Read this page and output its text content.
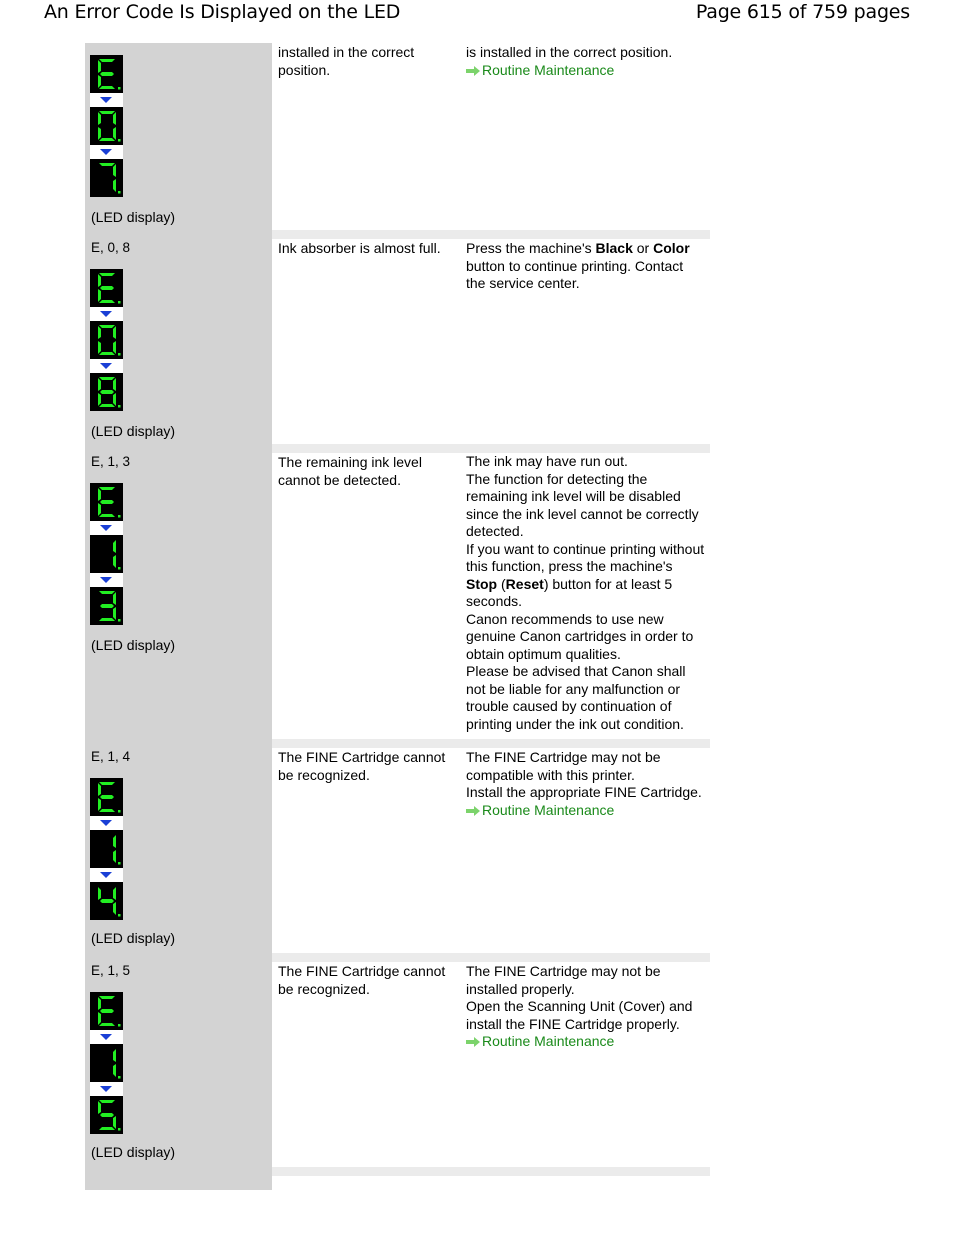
An Error Code Is Displayed on the LED	Page 615 of 759 pages
(LED display)
installed in the correct position.
is installed in the correct position.
Routine Maintenance
E, 0, 8
(LED display)
Ink absorber is almost full.	Press the machine's Black or Color button to continue printing. Contact the service center.
E, 1, 3
(LED display)
The remaining ink level cannot be detected.
The ink may have run out.
The function for detecting the remaining ink level will be disabled since the ink level cannot be correctly detected.
If you want to continue printing without this function, press the machine's Stop (Reset) button for at least 5 seconds.
Canon recommends to use new genuine Canon cartridges in order to obtain optimum qualities.
Please be advised that Canon shall not be liable for any malfunction or trouble caused by continuation of printing under the ink out condition.
E, 1, 4
(LED display)
The FINE Cartridge cannot be recognized.
The FINE Cartridge may not be compatible with this printer.
Install the appropriate FINE Cartridge.
Routine Maintenance
E, 1, 5
(LED display)
The FINE Cartridge cannot be recognized.
The FINE Cartridge may not be installed properly.
Open the Scanning Unit (Cover) and install the FINE Cartridge properly.
Routine Maintenance
